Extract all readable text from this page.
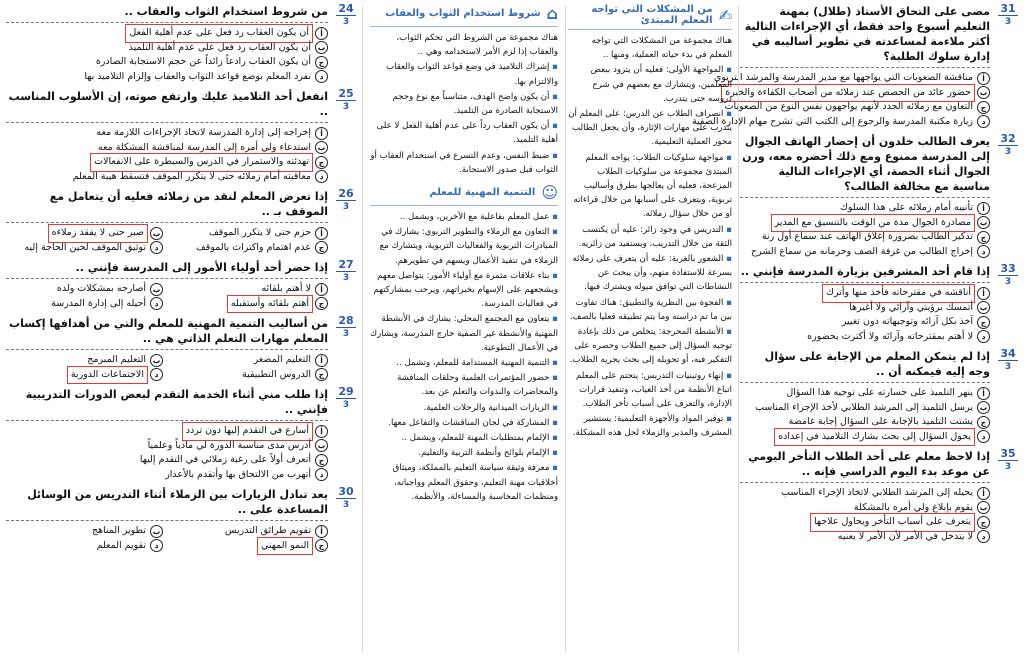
31
3
مضى على التحاق الأستاذ (طلال) بمهنة التعليم أسبوع واحد فقط، أي الإجراءات التالية أكثر ملاءمة لمساعدته في تطوير أساليبه في إدارة سلوك الطلبة؟
أ
مناقشة الصعوبات التي يواجهها مع مدير المدرسة والمرشد التربوي
ب
حضور عائد من الحصص عند زملائه من أصحاب الكفاءة والخبرة
ج
التعاون مع زملائه الجدد لأنهم يواجهون نفس النوع من الصعوبات
د
زيارة مكتبة المدرسة والرجوع إلى الكتب التي تشرح مهام الإدارة الصفية
32
3
يعرف الطالب خلدون أن إحضار الهاتف الجوال إلى المدرسة ممنوع ومع ذلك أحضره معه، ورن الجوال أثناء الحصة، أي الإجراءات التالية مناسبة مع مخالفة الطالب؟
أ
تأنيبه أمام زملائه على هذا السلوك
ب
مصادرة الجوال مدة من الوقت بالتنسيق مع المدير
ج
تذكير الطالب بضرورة إغلاق الهاتف عند سماع أول رنة
د
إخراج الطالب من غرفة الصف وحرمانه من سماع الشرح
33
3
إذا قام أحد المشرفين بزيارة المدرسة فإنني ..
أ
أناقشه في مقترحاته فأخذ منها وأترك
ب
أتمسك برؤيتي وآرائي ولا أغيرها
ج
آخذ بكل آرائه وتوجيهاته دون تغيير
د
لا أهتم بمقترحاته وآرائه ولا أكترث بحضوره
34
3
إذا لم يتمكن المعلم من الإجابة على سؤال وجه إليه فيمكنه أن ..
أ
ينهر التلميذ على جسارته على توجيه هذا السؤال
ب
يرسل التلميذ إلى المرشد الطلابي لأخذ الإجراء المناسب
ج
يشتت التلميذ بالإجابة على السؤال إجابة غامضة
د
يحول السؤال إلى بحث يشارك التلاميذ في إعداده
35
3
إذا لاحظ معلم على أحد الطلاب التأخر اليومي عن موعد بدء اليوم الدراسي فإنه ..
أ
يحيله إلى المرشد الطلابي لاتخاذ الإجراء المناسب
ب
يقوم بإبلاغ ولي أمره بالمشكلة
ج
يتعرف على أسباب التأخر ويحاول علاجها
د
لا يتدخل في الأمر لأن الأمر لا يعنيه
✍
من المشكلات التي تواجه المعلم المبتدئ

هناك مجموعة من المشكلات التي تواجه المعلم في بدء حياته العملية، ومنها ..

▪ المواجهة الأولى: فعليه أن يتزود ببعض المعلمين، ويتشارك مع بعضهم في شرح دروسه حتى يتدرب.

▪ انصراف الطلاب عن الدرس: على المعلم أن يتدرب على مهارات الإثارة، وأن يجعل الطالب محور العملية التعليمية.

▪ مواجهة سلوكيات الطلاب: يواجه المعلم المبتدئ مجموعة من سلوكيات الطلاب المزعجة، فعليه أن يعالجها بطرق وأساليب تربوية، ويتعرف على أسبابها من خلال قراءاته أو من خلال سؤال زملائه.

▪ التدريس في وجود زائر: عليه أن يكتسب الثقة من خلال التدريب، ويستفيد من زائريه.

▪ الشعور بالغربة: عليه أن يتعرف على زملائه بسرعة للاستفادة منهم، وأن يبحث عن النشاطات التي توافق ميوله ويشترك فيها.

▪ الفجوة بين النظرية والتطبيق: هناك تفاوت بين ما تم دراسته وما يتم تطبيقه فعليا بالصف.

▪ الأنشطة المحرجة: يتخلص من ذلك بإعادة توجيه السؤال إلى جميع الطلاب وحصره على التفكير فيه، أو تحويله إلى بحث يجريه الطلاب.

▪ إنهاء روتينيات التدريس: يتحتم على المعلم اتباع الأنظمة من أخذ الغياب، وتنفيذ قرارات الإدارة، والتعرف على أسباب تأخر الطلاب.

▪ توفير المواد والأجهزة التعليمية: يستشير المشرف والمدير والزملاء لحل هذه المشكلة.

⌂
شروط استخدام الثواب والعقاب

هناك مجموعة من الشروط التي تحكم الثواب، والعقاب إذا لزم الأمر لاستخدامه وهي ..

▪ إشراك التلاميذ في وضع قواعد الثواب والعقاب والالتزام بها.

▪ أن يكون واضح الهدف، متناسباً مع نوع وحجم الاستجابة الصادرة من التلميذ.

▪ أن يكون العقاب رداً على عدم أهلية الفعل لا على أهلية التلميذ.

▪ ضبط النفس، وعدم التسرع في استخدام العقاب أو الثواب قبل صدور الاستجابة.

☺
التنمية المهنية للمعلم

▪ عمل المعلم بفاعلية مع الآخرين، ويشمل ..

▪ التعاون مع الزملاء والتطوير التربوي: يشارك في المبادرات التربوية والفعاليات التربوية، ويتشارك مع الزملاء في تنفيذ الأعمال ويسهم في تطويرهم.

▪ بناء علاقات مثمرة مع أولياء الأمور: يتواصل معهم ويشجعهم على الإسهام بخبراتهم، ويرحب بمشاركتهم في فعاليات المدرسة.

▪ يتعاون مع المجتمع المحلي: يشارك في الأنشطة المهنية والأنشطة غير الصفية خارج المدرسة، ويشارك في الأعمال التطوعية.

▪ التنمية المهنية المستدامة للمعلم، وتشمل ..

▪ حضور المؤتمرات العلمية وحلقات المناقشة والمحاضرات والندوات والتعلم عن بعد.

▪ الزيارات الميدانية والرحلات العلمية.

▪ المشاركة في لجان المناقشات والتفاعل معها.

▪ الإلمام بمتطلبات المهنة للمعلم، ويشمل ..

▪ الإلمام بلوائح وأنظمة التربية والتعليم.

▪ معرفة وثيقة سياسة التعليم بالمملكة، وميثاق أخلاقيات مهنة التعليم، وحقوق المعلم وواجباته، ومنظمات المحاسبة والمساءلة، والأنظمة.

24
3
من شروط استخدام الثواب والعقاب ..
أ
أن يكون العقاب رد فعل على عدم أهلية الفعل
ب
أن يكون العقاب رد فعل على عدم أهلية التلميذ
ج
أن يكون العقاب رادعاً زائداً عن حجم الاستجابة الصادرة
د
نفرد المعلم بوضع قواعد الثواب والعقاب وإلزام التلاميذ بها
25
3
انفعل أحد التلاميذ عليك وارتفع صوته، إن الأسلوب المناسب ..
أ
إخراجه إلى إدارة المدرسة لاتخاذ الإجراءات اللازمة معه
ب
استدعاء ولي أمره إلى المدرسة لمناقشة المشكلة معه
ج
تهدئته والاستمرار في الدرس والسيطرة على الانفعالات
د
معاقبته أمام زملائه حتى لا يتكرر الموقف فتسقط هيبة المعلم
26
3
إذا تعرض المعلم لنقد من زملائه فعليه أن يتعامل مع الموقف بـ ..
أ
حزم حتى لا يتكرر الموقف
ب
صبر حتى لا يفقد زملاءه
ج
عدم اهتمام واكتراث بالموقف
د
توثيق الموقف لحين الحاجة إليه
27
3
إذا حضر أحد أولياء الأمور إلى المدرسة فإنني ..
أ
لا أهتم بلقائه
ب
أصارحه بمشكلات ولده
ج
أهتم بلقائه وأستقبله
د
أحيله إلى إدارة المدرسة
28
3
من أساليب التنمية المهنية للمعلم والتي من أهدافها إكساب المعلم مهارات التعلم الذاتي هي ..
أ
التعليم المصغر
ب
التعليم المبرمج
ج
الدروس التطبيقية
د
الاجتماعات الدورية
29
3
إذا طلب مني أثناء الخدمة التقدم لبعض الدورات التدريبية فإنني ..
أ
أسارع في التقدم إليها دون تردد
ب
أدرس مدى مناسبة الدورة لي مادياً وعلمياً
ج
أتعرف أولاً على رغبة زملائي في التقدم إليها
د
أتهرب من الالتحاق بها وأتقدم بالأعذار
30
3
يعد تبادل الزيارات بين الزملاء أثناء التدريس من الوسائل المساعدة على ..
أ
تقويم طرائق التدريس
ب
تطوير المناهج
ج
النمو المهني
د
تقويم المعلم
